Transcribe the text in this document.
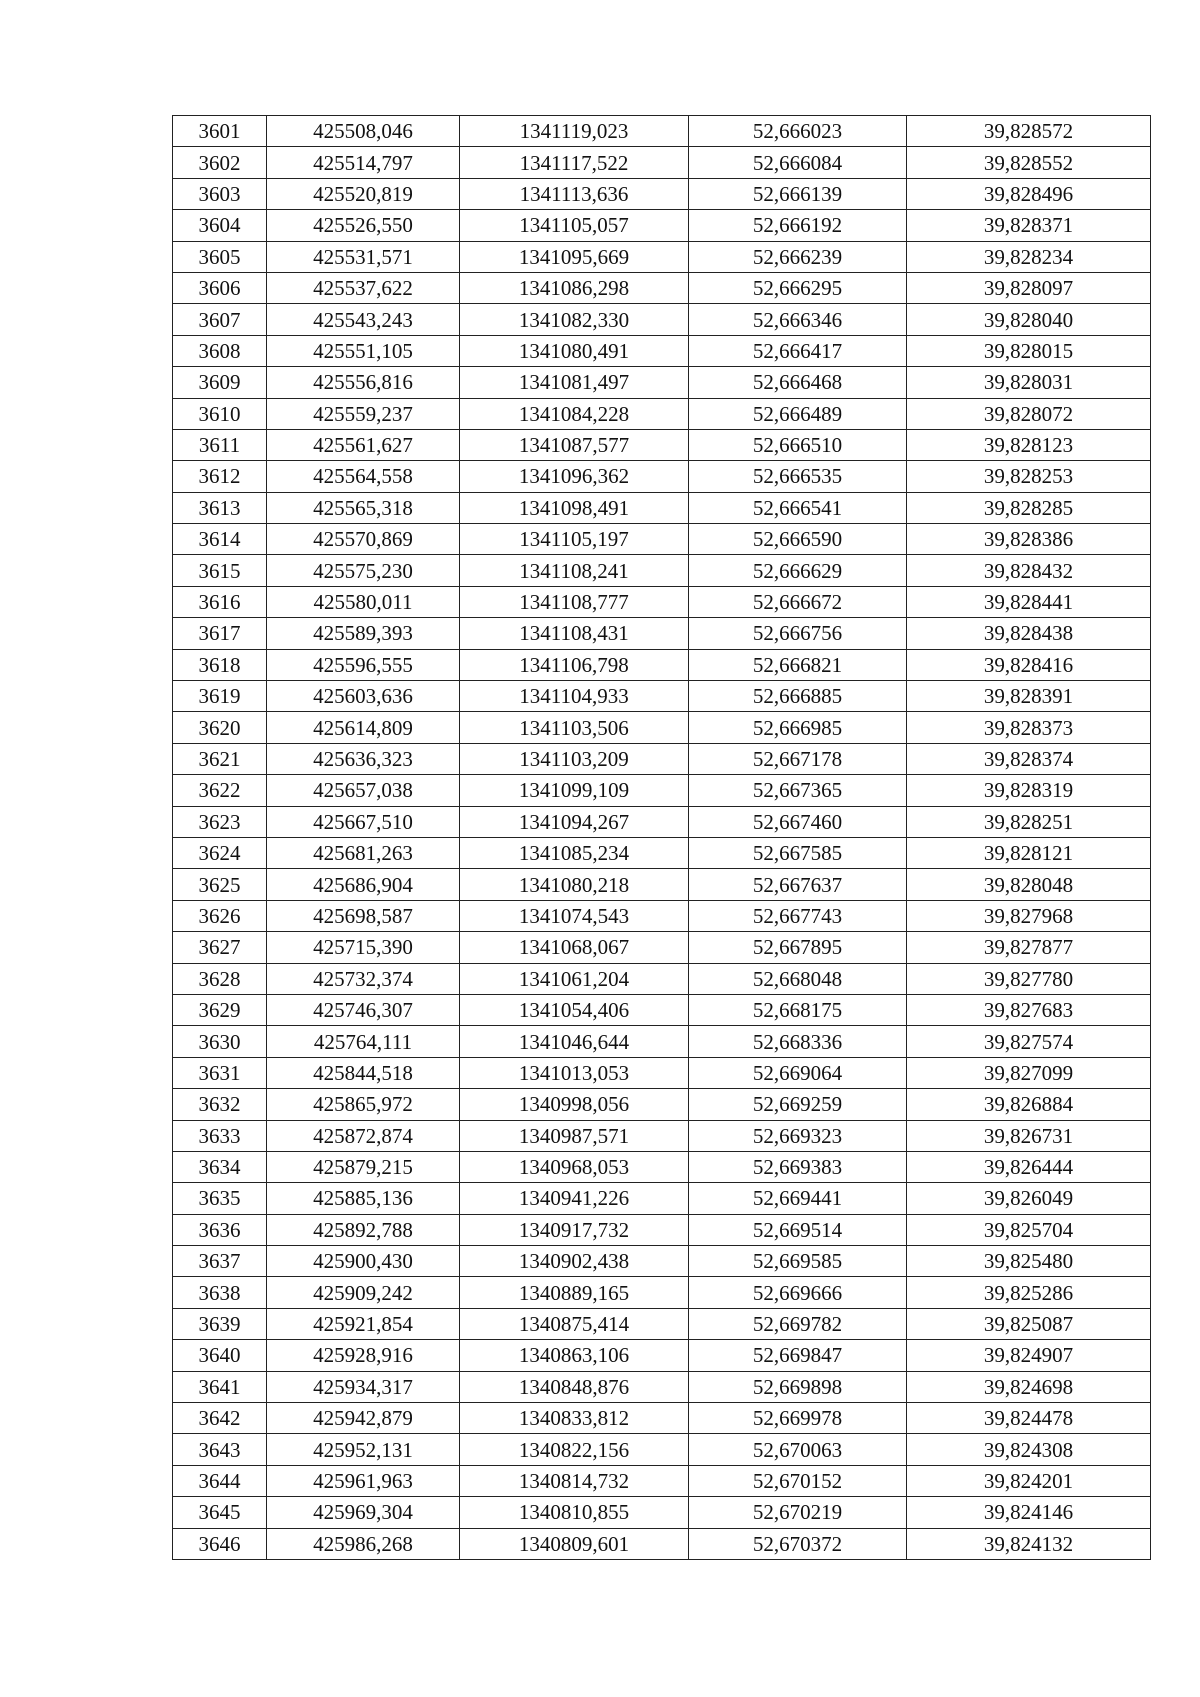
3601	425508,046	1341119,023	52,666023	39,828572
3602	425514,797	1341117,522	52,666084	39,828552
3603	425520,819	1341113,636	52,666139	39,828496
3604	425526,550	1341105,057	52,666192	39,828371
3605	425531,571	1341095,669	52,666239	39,828234
3606	425537,622	1341086,298	52,666295	39,828097
3607	425543,243	1341082,330	52,666346	39,828040
3608	425551,105	1341080,491	52,666417	39,828015
3609	425556,816	1341081,497	52,666468	39,828031
3610	425559,237	1341084,228	52,666489	39,828072
3611	425561,627	1341087,577	52,666510	39,828123
3612	425564,558	1341096,362	52,666535	39,828253
3613	425565,318	1341098,491	52,666541	39,828285
3614	425570,869	1341105,197	52,666590	39,828386
3615	425575,230	1341108,241	52,666629	39,828432
3616	425580,011	1341108,777	52,666672	39,828441
3617	425589,393	1341108,431	52,666756	39,828438
3618	425596,555	1341106,798	52,666821	39,828416
3619	425603,636	1341104,933	52,666885	39,828391
3620	425614,809	1341103,506	52,666985	39,828373
3621	425636,323	1341103,209	52,667178	39,828374
3622	425657,038	1341099,109	52,667365	39,828319
3623	425667,510	1341094,267	52,667460	39,828251
3624	425681,263	1341085,234	52,667585	39,828121
3625	425686,904	1341080,218	52,667637	39,828048
3626	425698,587	1341074,543	52,667743	39,827968
3627	425715,390	1341068,067	52,667895	39,827877
3628	425732,374	1341061,204	52,668048	39,827780
3629	425746,307	1341054,406	52,668175	39,827683
3630	425764,111	1341046,644	52,668336	39,827574
3631	425844,518	1341013,053	52,669064	39,827099
3632	425865,972	1340998,056	52,669259	39,826884
3633	425872,874	1340987,571	52,669323	39,826731
3634	425879,215	1340968,053	52,669383	39,826444
3635	425885,136	1340941,226	52,669441	39,826049
3636	425892,788	1340917,732	52,669514	39,825704
3637	425900,430	1340902,438	52,669585	39,825480
3638	425909,242	1340889,165	52,669666	39,825286
3639	425921,854	1340875,414	52,669782	39,825087
3640	425928,916	1340863,106	52,669847	39,824907
3641	425934,317	1340848,876	52,669898	39,824698
3642	425942,879	1340833,812	52,669978	39,824478
3643	425952,131	1340822,156	52,670063	39,824308
3644	425961,963	1340814,732	52,670152	39,824201
3645	425969,304	1340810,855	52,670219	39,824146
3646	425986,268	1340809,601	52,670372	39,824132
